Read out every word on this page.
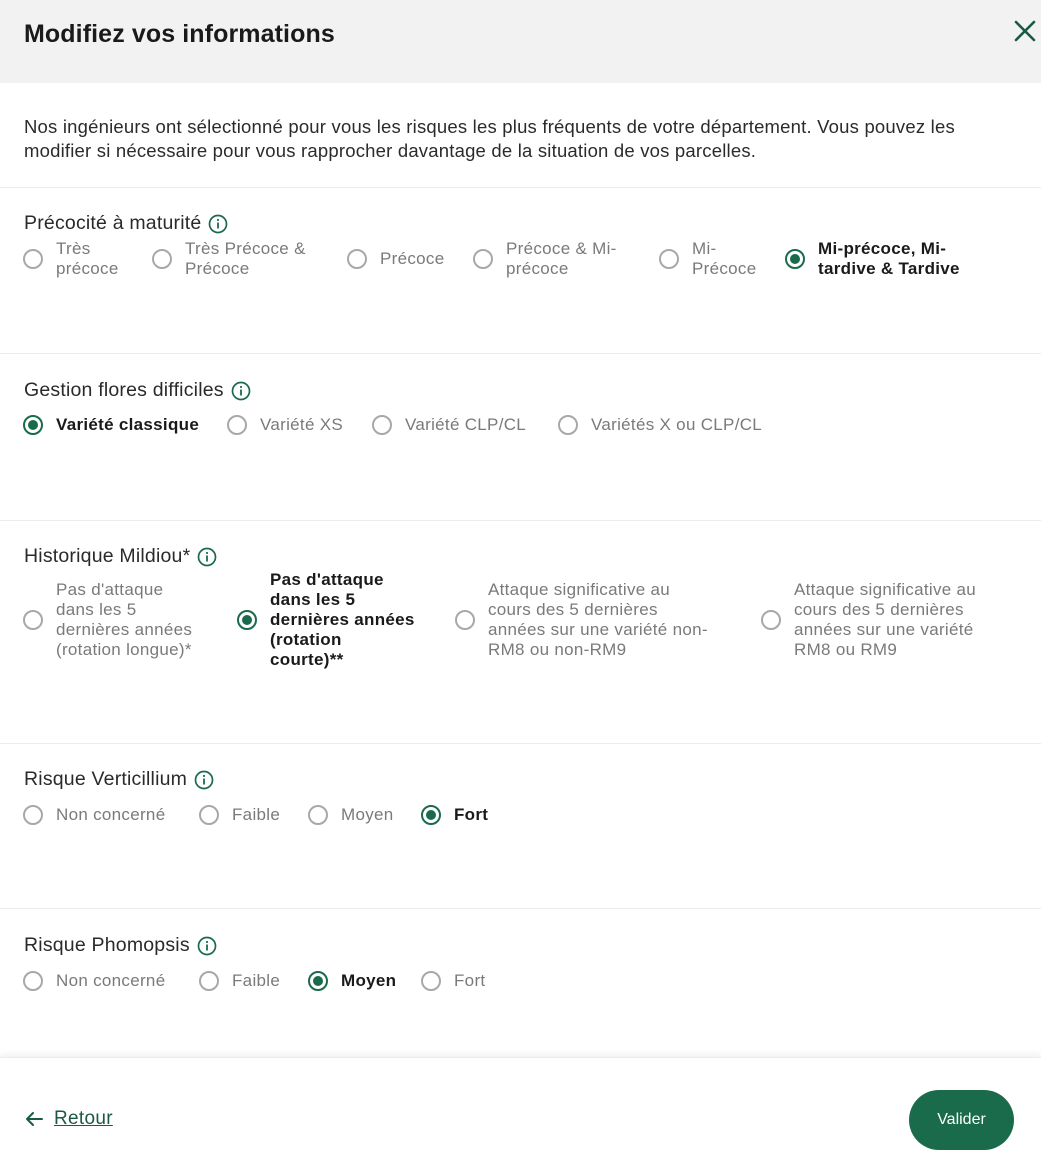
Modifiez vos informations

Nos ingénieurs ont sélectionné pour vous les risques les plus fréquents de votre département. Vous pouvez les modifier si nécessaire pour vous rapprocher davantage de la situation de vos parcelles.

Précocité à maturité
Très
précoce
Très Précoce &
Précoce
Précoce
Précoce & Mi-
précoce
Mi-
Précoce
Mi-précoce, Mi-
tardive & Tardive
Gestion flores difficiles
Variété classique	Variété XS	Variété CLP/CL	Variétés X ou CLP/CL
Historique Mildiou*
Pas d'attaque
dans les 5
dernières années
(rotation longue)*
Pas d'attaque
dans les 5
dernières années
(rotation
courte)**
Attaque significative au
cours des 5 dernières
années sur une variété non-
RM8 ou non-RM9
Attaque significative au
cours des 5 dernières
années sur une variété
RM8 ou RM9
Risque Verticillium
Non concerné	Faible	Moyen	Fort
Risque Phomopsis
Non concerné	Faible	Moyen	Fort
Retour	Valider
